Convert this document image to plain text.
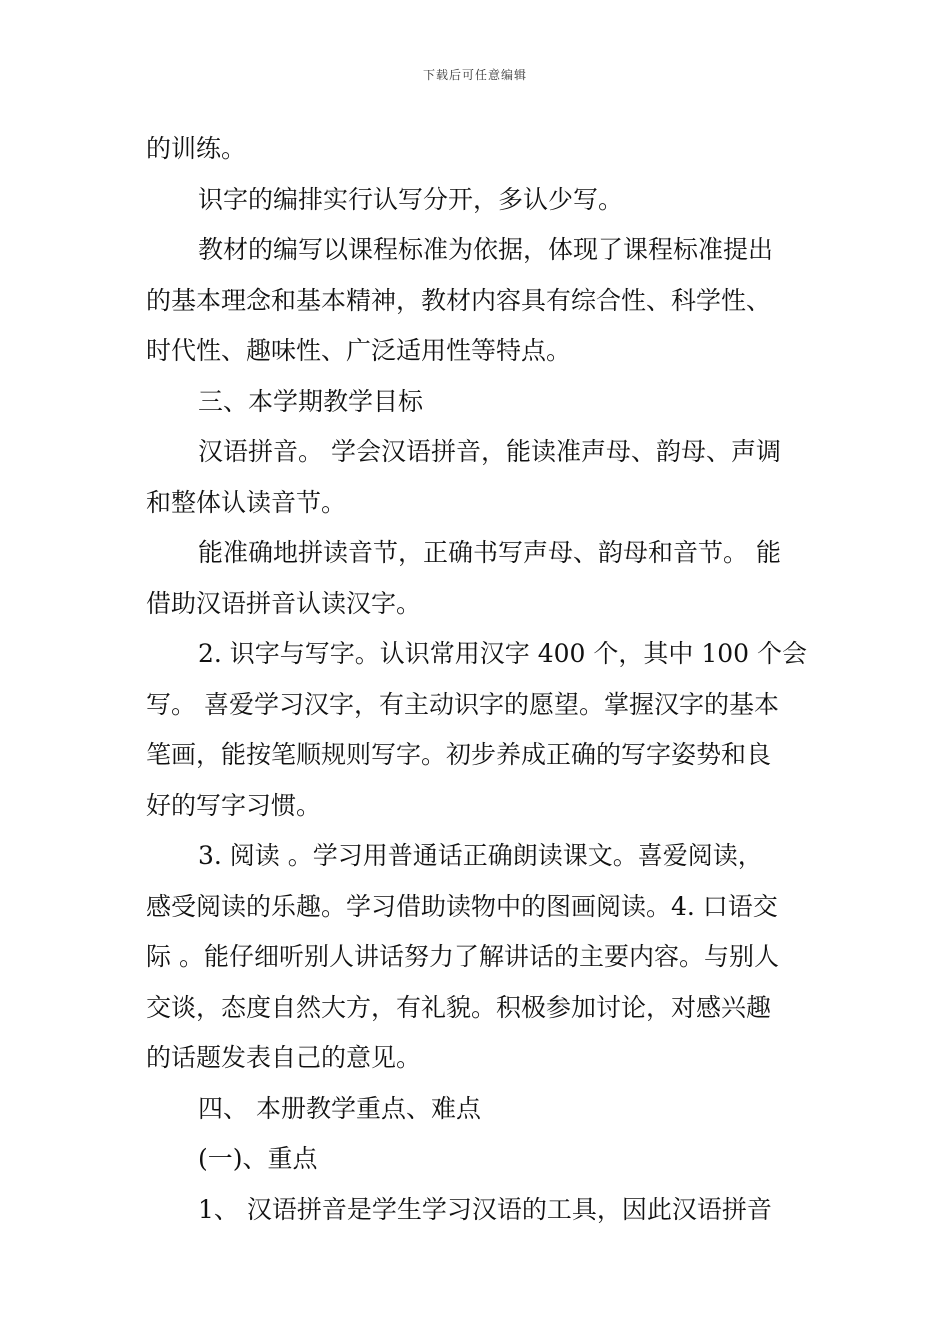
下载后可任意编辑
的训练。
识字的编排实行认写分开，多认少写。
教材的编写以课程标准为依据，体现了课程标准提出
的基本理念和基本精神，教材内容具有综合性、科学性、
时代性、趣味性、广泛适用性等特点。
三、本学期教学目标
汉语拼音。 学会汉语拼音，能读准声母、韵母、声调
和整体认读音节。
能准确地拼读音节，正确书写声母、韵母和音节。 能
借助汉语拼音认读汉字。
2. 识字与写字。认识常用汉字 400 个，其中 100 个会
写。 喜爱学习汉字，有主动识字的愿望。掌握汉字的基本
笔画，能按笔顺规则写字。初步养成正确的写字姿势和良
好的写字习惯。
3. 阅读 。学习用普通话正确朗读课文。喜爱阅读，
感受阅读的乐趣。学习借助读物中的图画阅读。4. 口语交
际 。能仔细听别人讲话努力了解讲话的主要内容。与别人
交谈，态度自然大方，有礼貌。积极参加讨论，对感兴趣
的话题发表自己的意见。
四、 本册教学重点、难点
(一)、重点
1、 汉语拼音是学生学习汉语的工具，因此汉语拼音
